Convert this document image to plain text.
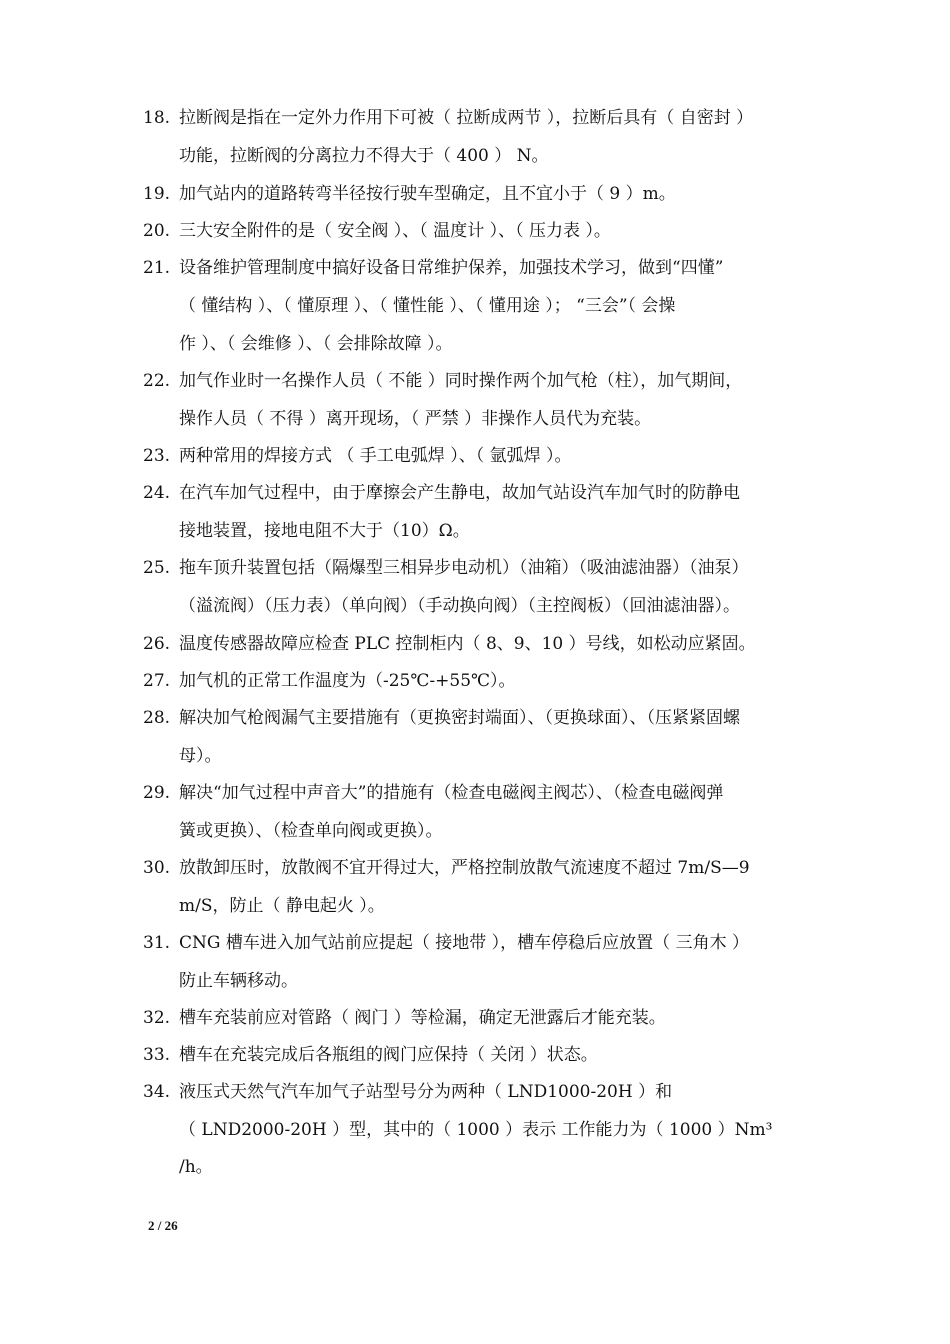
18. 拉断阀是指在一定外力作用下可被（ 拉断成两节 ），拉断后具有（ 自密封 ）
功能，拉断阀的分离拉力不得大于（ 400 ） N。
19. 加气站内的道路转弯半径按行驶车型确定，且不宜小于（ 9 ）m。
20. 三大安全附件的是（ 安全阀 ）、（ 温度计 ）、（ 压力表 ）。
21. 设备维护管理制度中搞好设备日常维护保养，加强技术学习，做到“四懂”
（ 懂结构 ）、（ 懂原理 ）、（ 懂性能 ）、（ 懂用途 ）； “三会”（ 会操
作 ）、（ 会维修 ）、（ 会排除故障 ）。
22. 加气作业时一名操作人员（ 不能 ）同时操作两个加气枪（柱），加气期间，
操作人员（ 不得 ）离开现场，（ 严禁 ）非操作人员代为充装。
23. 两种常用的焊接方式 （ 手工电弧焊 ）、（ 氩弧焊 ）。
24. 在汽车加气过程中，由于摩擦会产生静电，故加气站设汽车加气时的防静电
接地装置，接地电阻不大于（10）Ω。
25. 拖车顶升装置包括（隔爆型三相异步电动机）（油箱）（吸油滤油器）（油泵）
（溢流阀）（压力表）（单向阀）（手动换向阀）（主控阀板）（回油滤油器）。
26. 温度传感器故障应检查 PLC 控制柜内（ 8、9、10 ）号线，如松动应紧固。
27. 加气机的正常工作温度为（-25℃-+55℃）。
28. 解决加气枪阀漏气主要措施有（更换密封端面）、（更换球面）、（压紧紧固螺
母）。
29. 解决“加气过程中声音大”的措施有（检查电磁阀主阀芯）、（检查电磁阀弹
簧或更换）、（检查单向阀或更换）。
30. 放散卸压时，放散阀不宜开得过大，严格控制放散气流速度不超过 7m/S—9
m/S，防止（ 静电起火 ）。
31. CNG 槽车进入加气站前应提起（ 接地带 ），槽车停稳后应放置（ 三角木 ）
防止车辆移动。
32. 槽车充装前应对管路（ 阀门 ）等检漏，确定无泄露后才能充装。
33. 槽车在充装完成后各瓶组的阀门应保持（ 关闭 ）状态。
34. 液压式天然气汽车加气子站型号分为两种（ LND1000-20H ）和
（ LND2000-20H ）型，其中的（ 1000 ）表示 工作能力为（ 1000 ）Nm³
/h。
2 / 26
